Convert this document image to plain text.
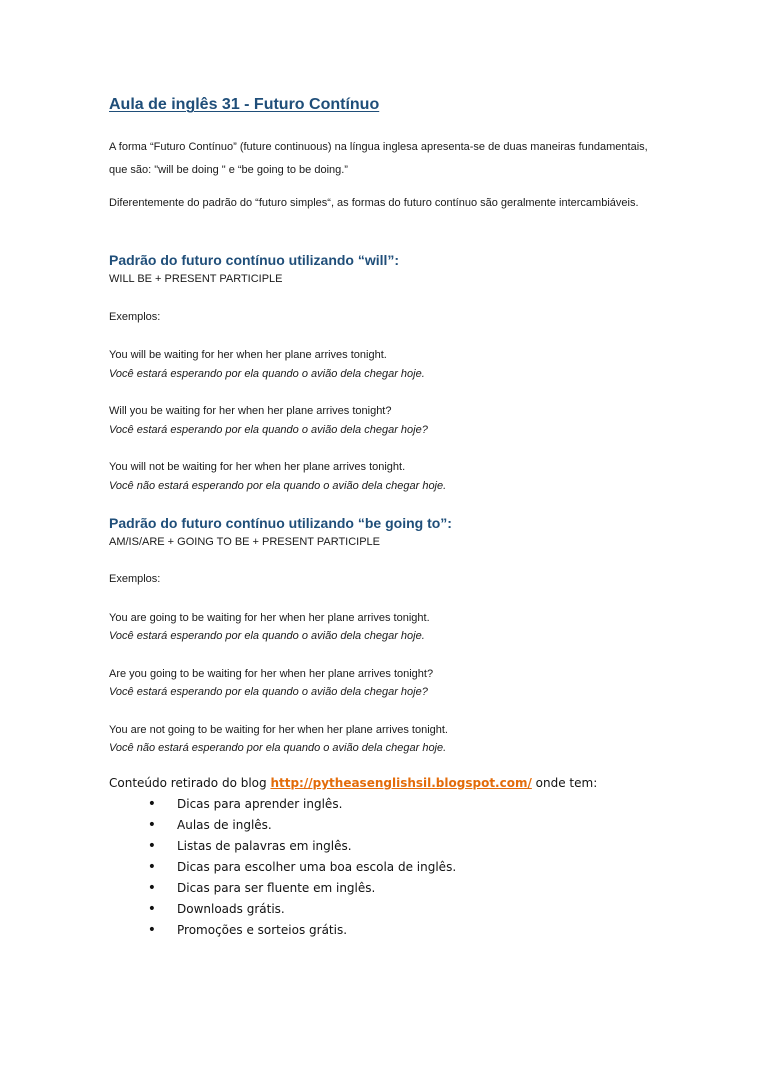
Aula de inglês 31 - Futuro Contínuo

A forma “Futuro Contínuo” (future continuous) na língua inglesa apresenta-se de duas maneiras fundamentais, que são: "will be doing " e “be going to be doing.”

Diferentemente do padrão do “futuro simples“, as formas do futuro contínuo são geralmente intercambiáveis.

Padrão do futuro contínuo utilizando “will”:

WILL BE + PRESENT PARTICIPLE

Exemplos:

You will be waiting for her when her plane arrives tonight.

Você estará esperando por ela quando o avião dela chegar hoje.

Will you be waiting for her when her plane arrives tonight?

Você estará esperando por ela quando o avião dela chegar hoje?

You will not be waiting for her when her plane arrives tonight.

Você não estará esperando por ela quando o avião dela chegar hoje.

Padrão do futuro contínuo utilizando “be going to”:

AM/IS/ARE + GOING TO BE + PRESENT PARTICIPLE

Exemplos:

You are going to be waiting for her when her plane arrives tonight.

Você estará esperando por ela quando o avião dela chegar hoje.

Are you going to be waiting for her when her plane arrives tonight?

Você estará esperando por ela quando o avião dela chegar hoje?

You are not going to be waiting for her when her plane arrives tonight.

Você não estará esperando por ela quando o avião dela chegar hoje.

Conteúdo retirado do blog http://pytheasenglishsil.blogspot.com/ onde tem:

•
Dicas para aprender inglês.
•
Aulas de inglês.
•
Listas de palavras em inglês.
•
Dicas para escolher uma boa escola de inglês.
•
Dicas para ser fluente em inglês.
•
Downloads grátis.
•
Promoções e sorteios grátis.
